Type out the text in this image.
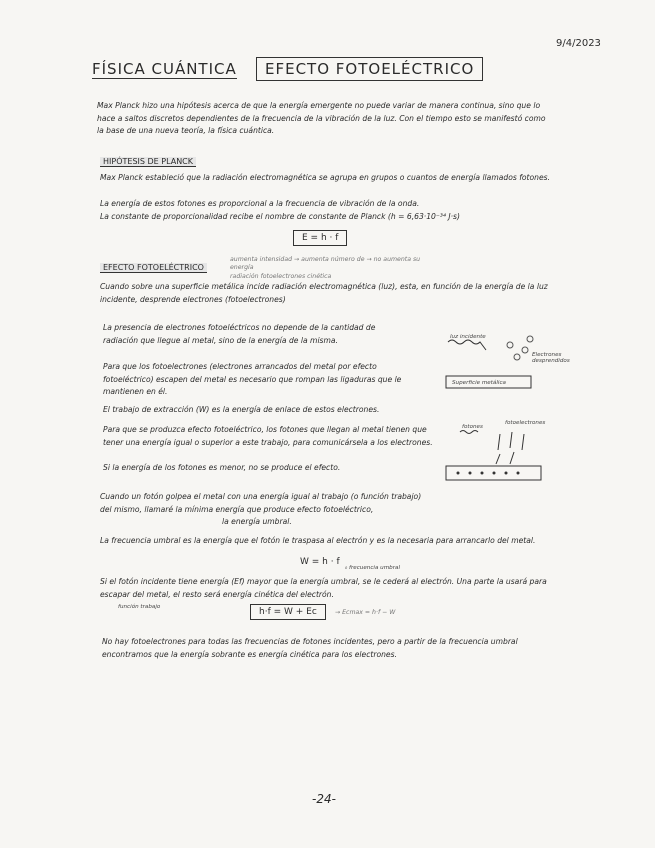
9/4/2023
FÍSICA CUÁNTICA	EFECTO FOTOELÉCTRICO
Max Planck hizo una hipótesis acerca de que la energía emergente no puede variar de manera continua, sino que lo hace a saltos discretos dependientes de la frecuencia de la vibración de la luz. Con el tiempo esto se manifestó como la base de una nueva teoría, la física cuántica.
HIPÓTESIS DE PLANCK
Max Planck estableció que la radiación electromagnética se agrupa en grupos o cuantos de energía llamados fotones.
La energía de estos fotones es proporcional a la frecuencia de vibración de la onda.
La constante de proporcionalidad recibe el nombre de constante de Planck (h = 6,63·10⁻³⁴ J·s)
E = h · f
EFECTO FOTOELÉCTRICO
aumenta intensidad → aumenta número de → no aumenta su energía
radiación fotoelectrones cinética
Cuando sobre una superficie metálica incide radiación electromagnética (luz), esta, en función de la energía de la luz incidente, desprende electrones (fotoelectrones)
La presencia de electrones fotoeléctricos no depende de la cantidad de radiación que llegue al metal, sino de la energía de la misma.
Para que los fotoelectrones (electrones arrancados del metal por efecto fotoeléctrico) escapen del metal es necesario que rompan las ligaduras que le mantienen en él.
El trabajo de extracción (W) es la energía de enlace de estos electrones.
Para que se produzca efecto fotoeléctrico, los fotones que llegan al metal tienen que tener una energía igual o superior a este trabajo, para comunicársela a los electrones.
Si la energía de los fotones es menor, no se produce el efecto.
luz incidente
Electrones desprendidos
Superficie metálica
fotones
fotoelectrones
Cuando un fotón golpea el metal con una energía igual al trabajo (o función trabajo)
del mismo, llamaré la mínima energía que produce efecto fotoeléctrico,
la energía umbral.
La frecuencia umbral es la energía que el fotón le traspasa al electrón y es la necesaria para arrancarlo del metal.
W = h · f
₀ frecuencia umbral
Si el fotón incidente tiene energía (Ef) mayor que la energía umbral, se le cederá al electrón. Una parte la usará para escapar del metal, el resto será energía cinética del electrón.
función trabajo	h·f = W + Ec	→ Ecmax = h·f − W
No hay fotoelectrones para todas las frecuencias de fotones incidentes, pero a partir de la frecuencia umbral encontramos que la energía sobrante es energía cinética para los electrones.
-24-
